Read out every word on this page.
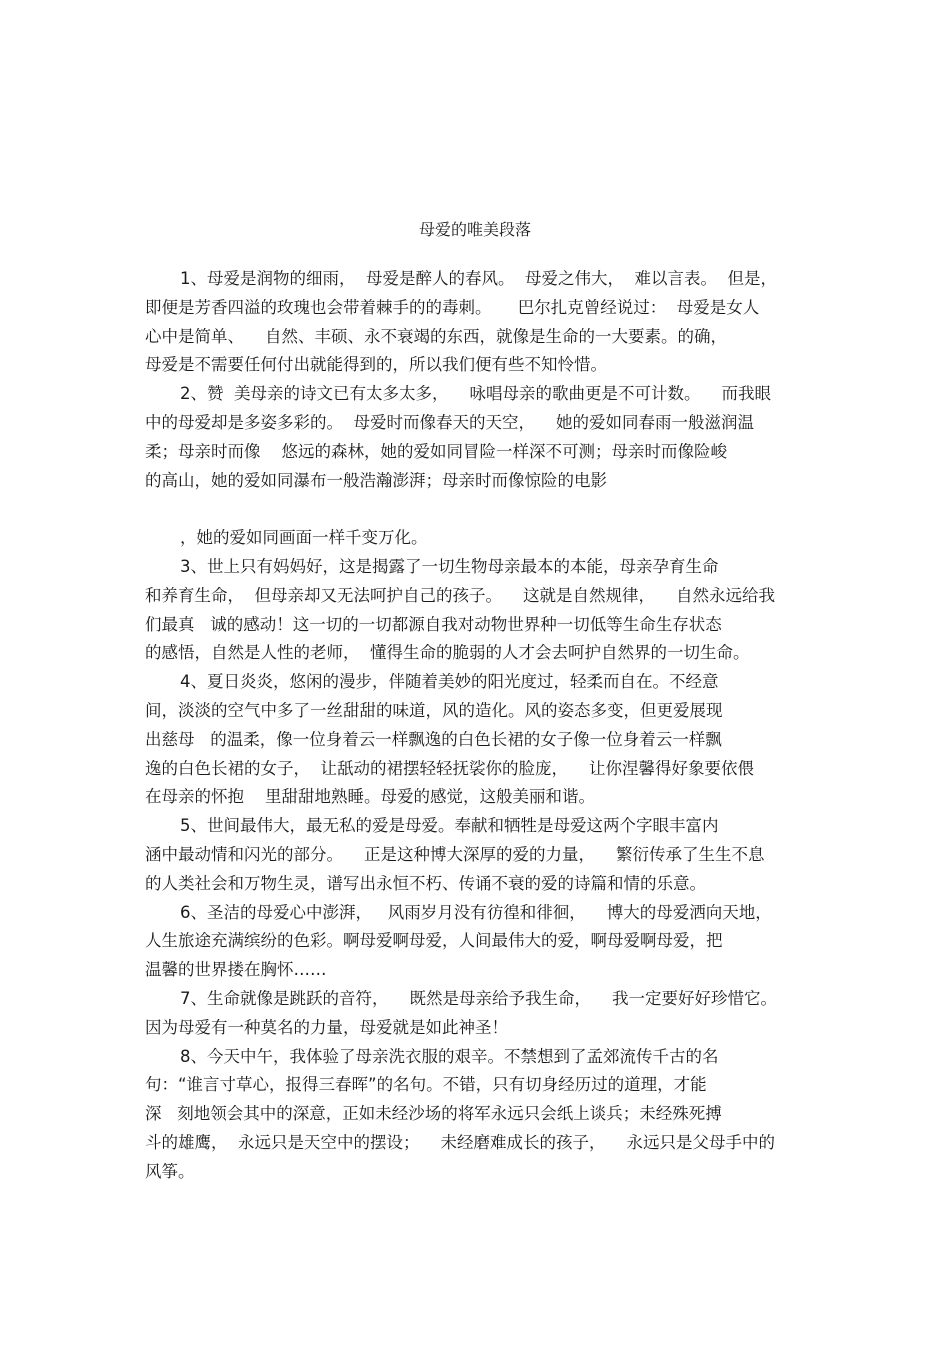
母爱的唯美段落
1、母爱是润物的细雨，  母爱是醉人的春风。  母爱之伟大，  难以言表。  但是，
即便是芳香四溢的玫瑰也会带着棘手的的毒刺。     巴尔扎克曾经说过：  母爱是女人
心中是简单、    自然、丰硕、永不衰竭的东西，就像是生命的一大要素。的确，
母爱是不需要任何付出就能得到的，所以我们便有些不知怜惜。
2、赞  美母亲的诗文已有太多太多，    咏唱母亲的歌曲更是不可计数。    而我眼
中的母爱却是多姿多彩的。  母爱时而像春天的天空，    她的爱如同春雨一般滋润温
柔；母亲时而像    悠远的森林，她的爱如同冒险一样深不可测；母亲时而像险峻
的高山，她的爱如同瀑布一般浩瀚澎湃；母亲时而像惊险的电影
，她的爱如同画面一样千变万化。
3、世上只有妈妈好，这是揭露了一切生物母亲最本的本能，母亲孕育生命
和养育生命，  但母亲却又无法呵护自己的孩子。    这就是自然规律，    自然永远给我
们最真   诚的感动！这一切的一切都源自我对动物世界种一切低等生命生存状态
的感悟，自然是人性的老师，  懂得生命的脆弱的人才会去呵护自然界的一切生命。
4、夏日炎炎，悠闲的漫步，伴随着美妙的阳光度过，轻柔而自在。不经意
间，淡淡的空气中多了一丝甜甜的味道，风的造化。风的姿态多变，但更爱展现
出慈母   的温柔，像一位身着云一样飘逸的白色长裙的女子像一位身着云一样飘
逸的白色长裙的女子，  让舐动的裙摆轻轻抚裟你的脸庞，    让你涅馨得好象要依偎
在母亲的怀抱    里甜甜地熟睡。母爱的感觉，这般美丽和谐。
5、世间最伟大，最无私的爱是母爱。奉献和牺牲是母爱这两个字眼丰富内
涵中最动情和闪光的部分。    正是这种博大深厚的爱的力量，    繁衍传承了生生不息
的人类社会和万物生灵，谱写出永恒不朽、传诵不衰的爱的诗篇和情的乐意。
6、圣洁的母爱心中澎湃，   风雨岁月没有彷徨和徘徊，    博大的母爱洒向天地，
人生旅途充满缤纷的色彩。啊母爱啊母爱，人间最伟大的爱，啊母爱啊母爱，把
温馨的世界搂在胸怀……
7、生命就像是跳跃的音符，    既然是母亲给予我生命，    我一定要好好珍惜它。
因为母爱有一种莫名的力量，母爱就是如此神圣！
8、今天中午，我体验了母亲洗衣服的艰辛。不禁想到了孟郊流传千古的名
句：“谁言寸草心，报得三春晖”的名句。不错，只有切身经历过的道理，才能
深   刻地领会其中的深意，正如未经沙场的将军永远只会纸上谈兵；未经殊死搏
斗的雄鹰，  永远只是天空中的摆设；    未经磨难成长的孩子，    永远只是父母手中的
风筝。
